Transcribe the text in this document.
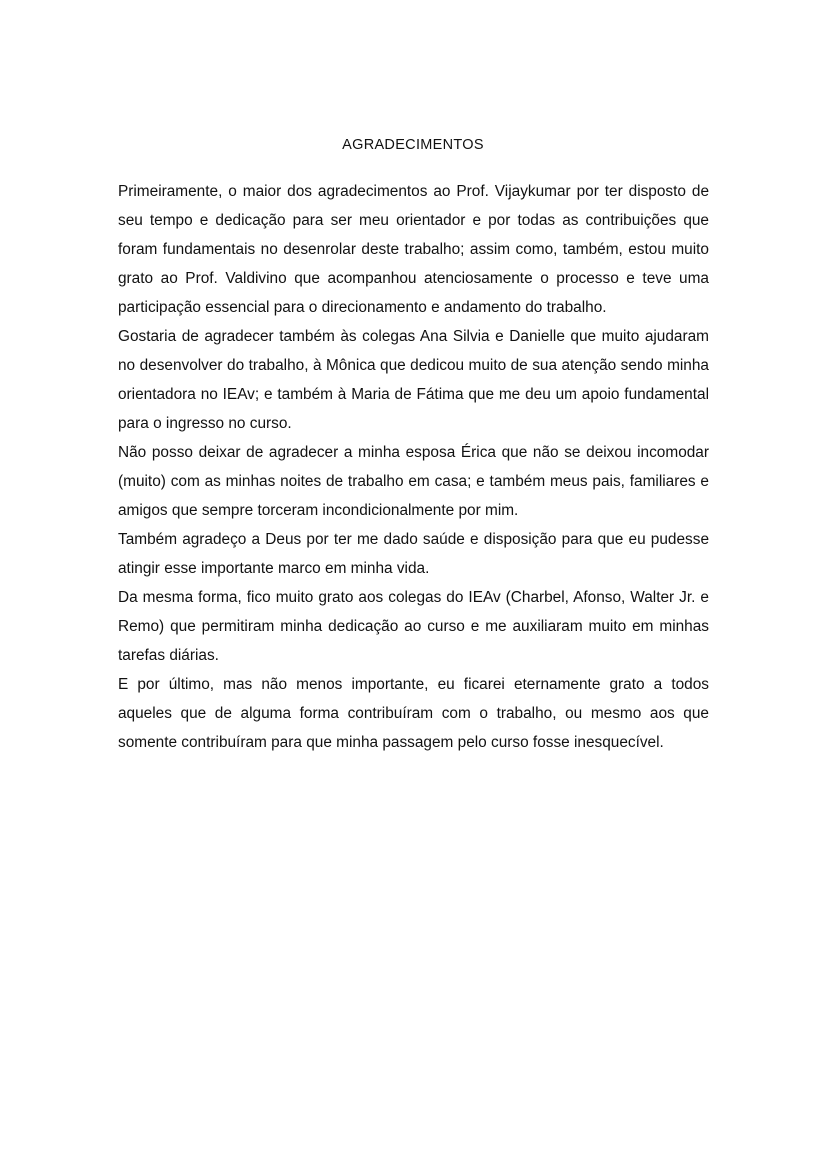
AGRADECIMENTOS

Primeiramente, o maior dos agradecimentos ao Prof. Vijaykumar por ter disposto de seu tempo e dedicação para ser meu orientador e por todas as contribuições que foram fundamentais no desenrolar deste trabalho; assim como, também, estou muito grato ao Prof. Valdivino que acompanhou atenciosamente o processo e teve uma participação essencial para o direcionamento e andamento do trabalho.

Gostaria de agradecer também às colegas Ana Silvia e Danielle que muito ajudaram no desenvolver do trabalho, à Mônica que dedicou muito de sua atenção sendo minha orientadora no IEAv; e também à Maria de Fátima que me deu um apoio fundamental para o ingresso no curso.

Não posso deixar de agradecer a minha esposa Érica que não se deixou incomodar (muito) com as minhas noites de trabalho em casa; e também meus pais, familiares e amigos que sempre torceram incondicionalmente por mim.

Também agradeço a Deus por ter me dado saúde e disposição para que eu pudesse atingir esse importante marco em minha vida.

Da mesma forma, fico muito grato aos colegas do IEAv (Charbel, Afonso, Walter Jr. e Remo) que permitiram minha dedicação ao curso e me auxiliaram muito em minhas tarefas diárias.

E por último, mas não menos importante, eu ficarei eternamente grato a todos aqueles que de alguma forma contribuíram com o trabalho, ou mesmo aos que somente contribuíram para que minha passagem pelo curso fosse inesquecível.
